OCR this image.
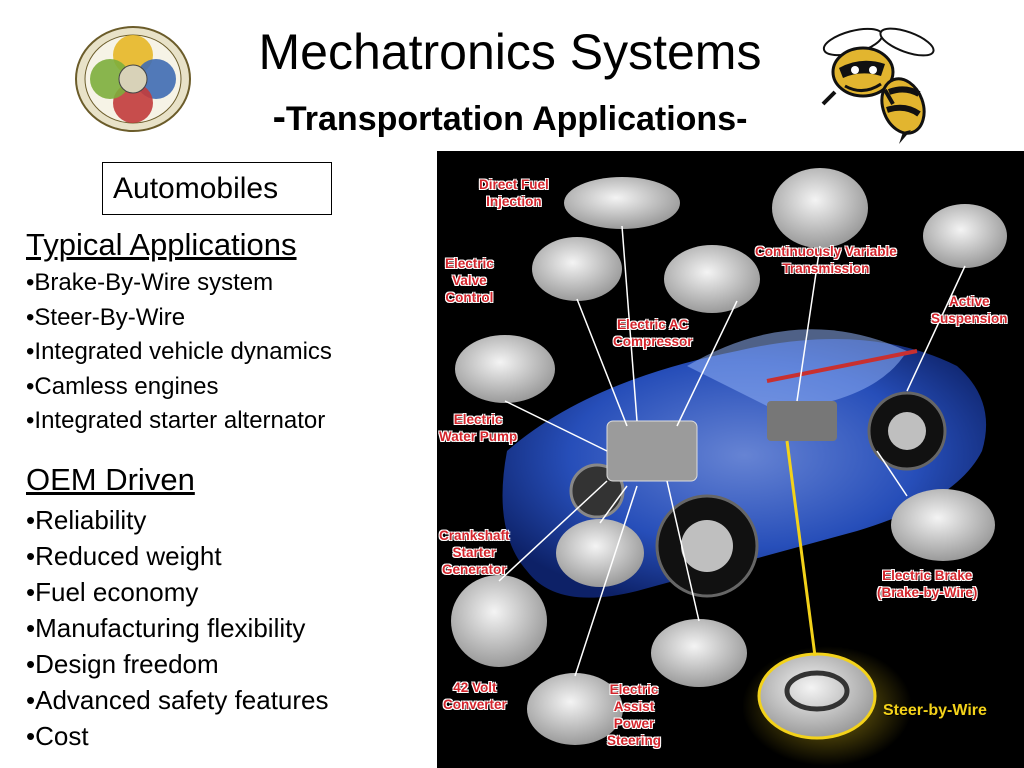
Mechatronics Systems
-Transportation Applications-
Automobiles
Typical Applications
• Brake-By-Wire system
• Steer-By-Wire
• Integrated vehicle dynamics
• Camless engines
• Integrated starter alternator
OEM Driven
• Reliability
• Reduced weight
• Fuel economy
• Manufacturing flexibility
• Design freedom
• Advanced safety features
• Cost
Direct Fuel
Injection
Electric
Valve
Control
Continuously Variable
Transmission
Active
Suspension
Electric AC
Compressor
Electric
Water Pump
Crankshaft
Starter
Generator	Electric Brake
(Brake-by-Wire)
42 Volt
Converter
Electric
Assist
Power
Steering
Steer-by-Wire
